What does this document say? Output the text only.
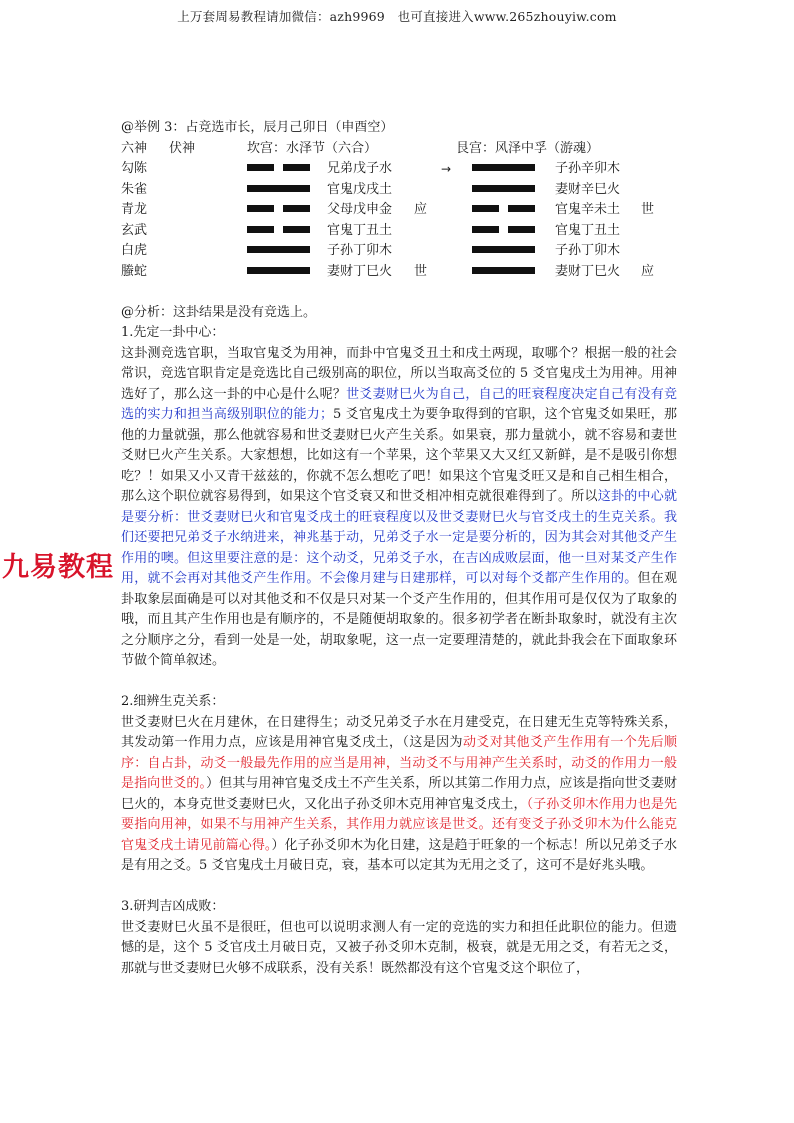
上万套周易教程请加微信：azh9969　也可直接进入www.265zhouyiw.com
九易教程
@举例 3：占竞选市长，辰月己卯日（申酉空）
六神 伏神	坎宫：水泽节（六合）	艮宫：风泽中孚（游魂）
勾陈	兄弟戊子水	→	子孙辛卯木
朱雀	官鬼戊戌土	妻财辛巳火
青龙	父母戊申金 应	官鬼辛未土 世
玄武	官鬼丁丑土	官鬼丁丑土
白虎	子孙丁卯木	子孙丁卯木
螣蛇	妻财丁巳火 世	妻财丁巳火 应
@分析：这卦结果是没有竞选上。
1.先定一卦中心：

这卦测竞选官职，当取官鬼爻为用神，而卦中官鬼爻丑土和戌土两现，取哪个？根据一般的社会常识，竞选官职肯定是竞选比自己级别高的职位，所以当取高爻位的 5 爻官鬼戌土为用神。用神选好了，那么这一卦的中心是什么呢？世爻妻财巳火为自己，自己的旺衰程度决定自己有没有竞选的实力和担当高级别职位的能力；5 爻官鬼戌土为要争取得到的官职，这个官鬼爻如果旺，那他的力量就强，那么他就容易和世爻妻财巳火产生关系。如果衰，那力量就小，就不容易和妻世爻财巳火产生关系。大家想想，比如这有一个苹果，这个苹果又大又红又新鲜，是不是吸引你想吃？！如果又小又青干兹兹的，你就不怎么想吃了吧！如果这个官鬼爻旺又是和自己相生相合，那么这个职位就容易得到，如果这个官爻衰又和世爻相冲相克就很难得到了。所以这卦的中心就是要分析：世爻妻财巳火和官鬼爻戌土的旺衰程度以及世爻妻财巳火与官爻戌土的生克关系。我们还要把兄弟爻子水纳进来，神兆基于动，兄弟爻子水一定是要分析的，因为其会对其他爻产生作用的噢。但这里要注意的是：这个动爻，兄弟爻子水，在吉凶成败层面，他一旦对某爻产生作用，就不会再对其他爻产生作用。不会像月建与日建那样，可以对每个爻都产生作用的。但在观卦取象层面确是可以对其他爻和不仅是只对某一个爻产生作用的，但其作用可是仅仅为了取象的哦，而且其产生作用也是有顺序的，不是随便胡取象的。很多初学者在断卦取象时，就没有主次之分顺序之分，看到一处是一处，胡取象呢，这一点一定要理清楚的，就此卦我会在下面取象环节做个简单叙述。

2.细辨生克关系：

世爻妻财巳火在月建休，在日建得生；动爻兄弟爻子水在月建受克，在日建无生克等特殊关系，其发动第一作用力点，应该是用神官鬼爻戌土，（这是因为动爻对其他爻产生作用有一个先后顺序：自占卦，动爻一般最先作用的应当是用神，当动爻不与用神产生关系时，动爻的作用力一般是指向世爻的。）但其与用神官鬼爻戌土不产生关系，所以其第二作用力点，应该是指向世爻妻财巳火的，本身克世爻妻财巳火，又化出子孙爻卯木克用神官鬼爻戌土，（子孙爻卯木作用力也是先要指向用神，如果不与用神产生关系，其作用力就应该是世爻。还有变爻子孙爻卯木为什么能克官鬼爻戌土请见前篇心得。）化子孙爻卯木为化日建，这是趋于旺象的一个标志！所以兄弟爻子水是有用之爻。5 爻官鬼戌土月破日克，衰，基本可以定其为无用之爻了，这可不是好兆头哦。

3.研判吉凶成败：

世爻妻财巳火虽不是很旺，但也可以说明求测人有一定的竞选的实力和担任此职位的能力。但遗憾的是，这个 5 爻官戌土月破日克，又被子孙爻卯木克制，极衰，就是无用之爻，有若无之爻，那就与世爻妻财巳火够不成联系，没有关系！既然都没有这个官鬼爻这个职位了，
